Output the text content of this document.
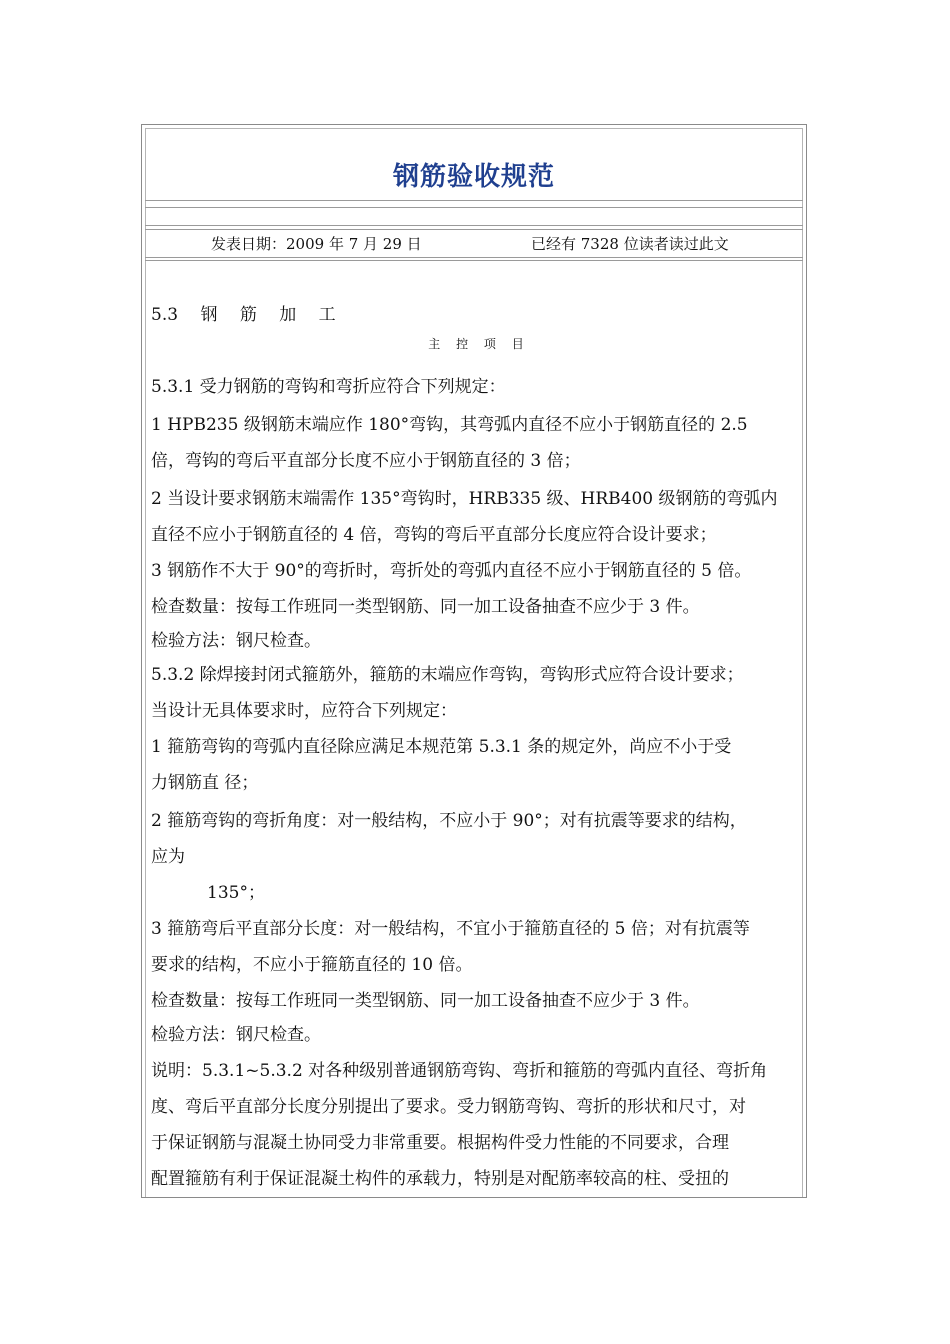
钢筋验收规范
发表日期：2009 年 7 月 29 日	已经有 7328 位读者读过此文
5.3　 钢　 筋　 加　 工
主　 控　 项　 目
5.3.1 受力钢筋的弯钩和弯折应符合下列规定：
1 HPB235 级钢筋末端应作 180°弯钩，其弯弧内直径不应小于钢筋直径的 2.5
倍，弯钩的弯后平直部分长度不应小于钢筋直径的 3 倍；
2 当设计要求钢筋末端需作 135°弯钩时，HRB335 级、HRB400 级钢筋的弯弧内
直径不应小于钢筋直径的 4 倍，弯钩的弯后平直部分长度应符合设计要求；
3 钢筋作不大于 90°的弯折时，弯折处的弯弧内直径不应小于钢筋直径的 5 倍。
检查数量：按每工作班同一类型钢筋、同一加工设备抽查不应少于 3 件。
检验方法：钢尺检查。
5.3.2 除焊接封闭式箍筋外，箍筋的末端应作弯钩，弯钩形式应符合设计要求；
当设计无具体要求时，应符合下列规定：
1 箍筋弯钩的弯弧内直径除应满足本规范第 5.3.1 条的规定外，尚应不小于受
力钢筋直 径；
2 箍筋弯钩的弯折角度：对一般结构，不应小于 90°；对有抗震等要求的结构，
应为
135°；
3 箍筋弯后平直部分长度：对一般结构，不宜小于箍筋直径的 5 倍；对有抗震等
要求的结构，不应小于箍筋直径的 10 倍。
检查数量：按每工作班同一类型钢筋、同一加工设备抽查不应少于 3 件。
检验方法：钢尺检查。
说明：5.3.1~5.3.2 对各种级别普通钢筋弯钩、弯折和箍筋的弯弧内直径、弯折角
度、弯后平直部分长度分别提出了要求。受力钢筋弯钩、弯折的形状和尺寸，对
于保证钢筋与混凝土协同受力非常重要。根据构件受力性能的不同要求，合理
配置箍筋有利于保证混凝土构件的承载力，特别是对配筋率较高的柱、受扭的
